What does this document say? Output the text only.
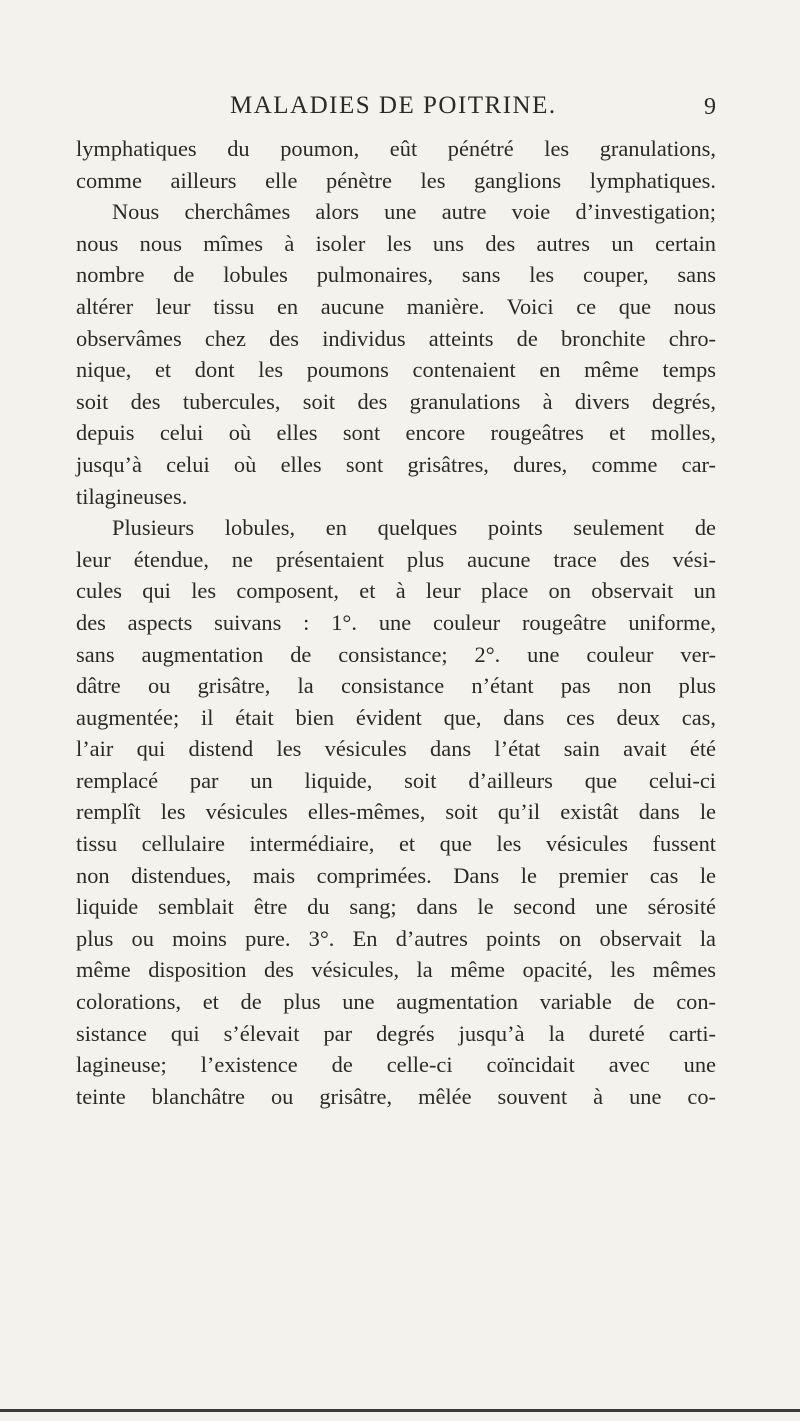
MALADIES DE POITRINE.	9
lymphatiques du poumon, eût pénétré les granulations,
comme ailleurs elle pénètre les ganglions lymphatiques.
Nous cherchâmes alors une autre voie d’investigation;
nous nous mîmes à isoler les uns des autres un certain
nombre de lobules pulmonaires, sans les couper, sans
altérer leur tissu en aucune manière. Voici ce que nous
observâmes chez des individus atteints de bronchite chro-
nique, et dont les poumons contenaient en même temps
soit des tubercules, soit des granulations à divers degrés,
depuis celui où elles sont encore rougeâtres et molles,
jusqu’à celui où elles sont grisâtres, dures, comme car-
tilagineuses.
Plusieurs lobules, en quelques points seulement de
leur étendue, ne présentaient plus aucune trace des vési-
cules qui les composent, et à leur place on observait un
des aspects suivans : 1°. une couleur rougeâtre uniforme,
sans augmentation de consistance; 2°. une couleur ver-
dâtre ou grisâtre, la consistance n’étant pas non plus
augmentée; il était bien évident que, dans ces deux cas,
l’air qui distend les vésicules dans l’état sain avait été
remplacé par un liquide, soit d’ailleurs que celui-ci
remplît les vésicules elles-mêmes, soit qu’il existât dans le
tissu cellulaire intermédiaire, et que les vésicules fussent
non distendues, mais comprimées. Dans le premier cas le
liquide semblait être du sang; dans le second une sérosité
plus ou moins pure. 3°. En d’autres points on observait la
même disposition des vésicules, la même opacité, les mêmes
colorations, et de plus une augmentation variable de con-
sistance qui s’élevait par degrés jusqu’à la dureté carti-
lagineuse; l’existence de celle-ci coïncidait avec une
teinte blanchâtre ou grisâtre, mêlée souvent à une co-
